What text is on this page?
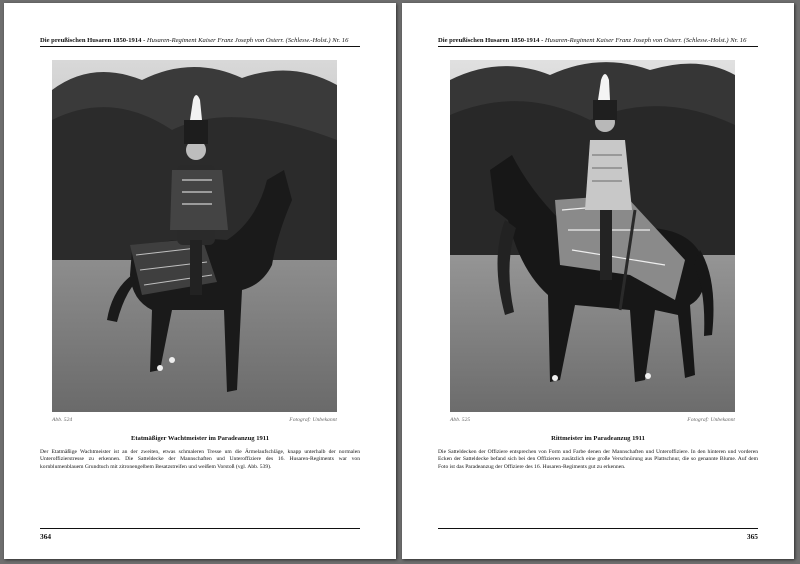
Die preußischen Husaren 1850-1914 - Husaren-Regiment Kaiser Franz Joseph von Österr. (Schlesw.-Holst.) Nr. 16
Abb. 524	Fotograf: Unbekannt
Etatmäßiger Wachtmeister im Paradeanzug 1911
Der Etatmäßige Wachtmeister ist an der zweiten, etwas schmaleren Tresse um die Ärmelaufschläge, knapp unterhalb der normalen Unteroffizierstresse zu erkennen. Die Satteldecke der Mannschaften und Unteroffiziere des 16. Husaren-Regiments war von kornblumenblauem Grundtuch mit zitronengelbem Besatzstreifen und weißem Vorstoß (vgl. Abb. 539).
364
Die preußischen Husaren 1850-1914 - Husaren-Regiment Kaiser Franz Joseph von Österr. (Schlesw.-Holst.) Nr. 16
Abb. 525	Fotograf: Unbekannt
Rittmeister im Paradeanzug 1911
Die Satteldecken der Offiziere entsprechen von Form und Farbe denen der Mannschaften und Unteroffiziere. In den hinteren und vorderen Ecken der Satteldecke befand sich bei den Offizieren zusätzlich eine große Verschnürung aus Plattschnur, die so genannte Blume. Auf dem Foto ist das Paradeanzug der Offiziere des 16. Husaren-Regiments gut zu erkennen.
365
